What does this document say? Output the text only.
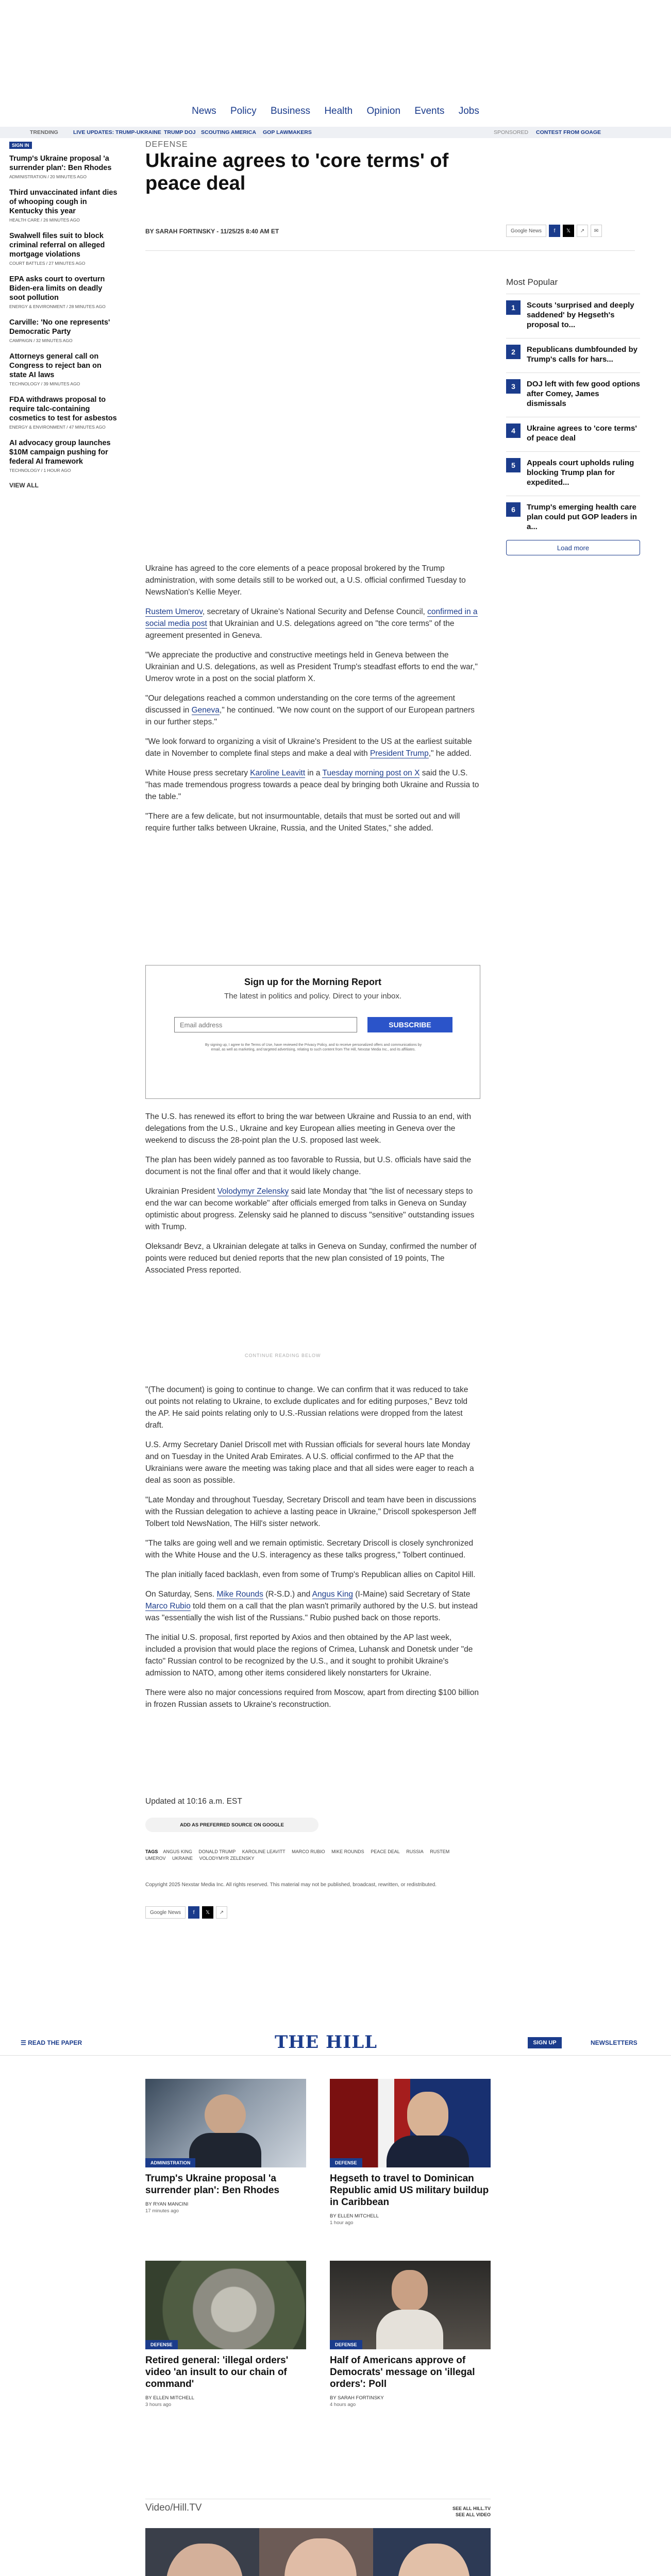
News Policy Business Health Opinion Events Jobs
TRENDING	LIVE UPDATES: TRUMP-UKRAINE TRUMP DOJ SCOUTING AMERICA GOP LAWMAKERS	SPONSORED CONTEST FROM GOAGE
SIGN IN
Trump's Ukraine proposal 'a surrender plan': Ben Rhodes
ADMINISTRATION / 20 MINUTES AGO
Third unvaccinated infant dies of whooping cough in Kentucky this year
HEALTH CARE / 26 MINUTES AGO
Swalwell files suit to block criminal referral on alleged mortgage violations
COURT BATTLES / 27 MINUTES AGO
EPA asks court to overturn Biden-era limits on deadly soot pollution
ENERGY & ENVIRONMENT / 28 MINUTES AGO
Carville: 'No one represents' Democratic Party
CAMPAIGN / 32 MINUTES AGO
Attorneys general call on Congress to reject ban on state AI laws
TECHNOLOGY / 39 MINUTES AGO
FDA withdraws proposal to require talc-containing cosmetics to test for asbestos
ENERGY & ENVIRONMENT / 47 MINUTES AGO
AI advocacy group launches $10M campaign pushing for federal AI framework
TECHNOLOGY / 1 HOUR AGO
VIEW ALL
DEFENSE
Ukraine agrees to 'core terms' of peace deal
BY SARAH FORTINSKY - 11/25/25 8:40 AM ET	Google News	f	𝕏	↗	✉
Most Popular
1	Scouts 'surprised and deeply saddened' by Hegseth's proposal to...
2	Republicans dumbfounded by Trump's calls for hars...
3	DOJ left with few good options after Comey, James dismissals
4	Ukraine agrees to 'core terms' of peace deal
5	Appeals court upholds ruling blocking Trump plan for expedited...
6	Trump's emerging health care plan could put GOP leaders in a...
Load more

Ukraine has agreed to the core elements of a peace proposal brokered by the Trump administration, with some details still to be worked out, a U.S. official confirmed Tuesday to NewsNation's Kellie Meyer.

Rustem Umerov, secretary of Ukraine's National Security and Defense Council, confirmed in a social media post that Ukrainian and U.S. delegations agreed on "the core terms" of the agreement presented in Geneva.

"We appreciate the productive and constructive meetings held in Geneva between the Ukrainian and U.S. delegations, as well as President Trump's steadfast efforts to end the war," Umerov wrote in a post on the social platform X.

"Our delegations reached a common understanding on the core terms of the agreement discussed in Geneva," he continued. "We now count on the support of our European partners in our further steps."

"We look forward to organizing a visit of Ukraine's President to the US at the earliest suitable date in November to complete final steps and make a deal with President Trump," he added.

White House press secretary Karoline Leavitt in a Tuesday morning post on X said the U.S. "has made tremendous progress towards a peace deal by bringing both Ukraine and Russia to the table."

"There are a few delicate, but not insurmountable, details that must be sorted out and will require further talks between Ukraine, Russia, and the United States," she added.

Sign up for the Morning Report
The latest in politics and policy. Direct to your inbox.
Email address
SUBSCRIBE
By signing up, I agree to the Terms of Use, have reviewed the Privacy Policy, and to receive personalized offers and communications by email, as well as marketing, and targeted advertising, relating to such content from The Hill, Nexstar Media Inc., and its affiliates.

The U.S. has renewed its effort to bring the war between Ukraine and Russia to an end, with delegations from the U.S., Ukraine and key European allies meeting in Geneva over the weekend to discuss the 28-point plan the U.S. proposed last week.

The plan has been widely panned as too favorable to Russia, but U.S. officials have said the document is not the final offer and that it would likely change.

Ukrainian President Volodymyr Zelensky said late Monday that "the list of necessary steps to end the war can become workable" after officials emerged from talks in Geneva on Sunday optimistic about progress. Zelensky said he planned to discuss "sensitive" outstanding issues with Trump.

Oleksandr Bevz, a Ukrainian delegate at talks in Geneva on Sunday, confirmed the number of points were reduced but denied reports that the new plan consisted of 19 points, The Associated Press reported.

CONTINUE READING BELOW

"(The document) is going to continue to change. We can confirm that it was reduced to take out points not relating to Ukraine, to exclude duplicates and for editing purposes," Bevz told the AP. He said points relating only to U.S.-Russian relations were dropped from the latest draft.

U.S. Army Secretary Daniel Driscoll met with Russian officials for several hours late Monday and on Tuesday in the United Arab Emirates. A U.S. official confirmed to the AP that the Ukrainians were aware the meeting was taking place and that all sides were eager to reach a deal as soon as possible.

"Late Monday and throughout Tuesday, Secretary Driscoll and team have been in discussions with the Russian delegation to achieve a lasting peace in Ukraine," Driscoll spokesperson Jeff Tolbert told NewsNation, The Hill's sister network.

"The talks are going well and we remain optimistic. Secretary Driscoll is closely synchronized with the White House and the U.S. interagency as these talks progress," Tolbert continued.

The plan initially faced backlash, even from some of Trump's Republican allies on Capitol Hill.

On Saturday, Sens. Mike Rounds (R-S.D.) and Angus King (I-Maine) said Secretary of State Marco Rubio told them on a call that the plan wasn't primarily authored by the U.S. but instead was "essentially the wish list of the Russians." Rubio pushed back on those reports.

The initial U.S. proposal, first reported by Axios and then obtained by the AP last week, included a provision that would place the regions of Crimea, Luhansk and Donetsk under "de facto" Russian control to be recognized by the U.S., and it sought to prohibit Ukraine's admission to NATO, among other items considered likely nonstarters for Ukraine.

There were also no major concessions required from Moscow, apart from directing $100 billion in frozen Russian assets to Ukraine's reconstruction.

Updated at 10:16 a.m. EST
ADD AS PREFERRED SOURCE ON GOOGLE
TAGS ANGUS KING DONALD TRUMP KAROLINE LEAVITT MARCO RUBIO MIKE ROUNDS PEACE DEAL RUSSIA RUSTEM UMEROV UKRAINE VOLODYMYR ZELENSKY
Copyright 2025 Nexstar Media Inc. All rights reserved. This material may not be published, broadcast, rewritten, or redistributed.
Google News	f	𝕏	↗
☰ READ THE PAPER	THE HILL	SIGN UP	NEWSLETTERS
ADMINISTRATION
Trump's Ukraine proposal 'a surrender plan': Ben Rhodes
BY RYAN MANCINI
17 minutes ago
DEFENSE
Hegseth to travel to Dominican Republic amid US military buildup in Caribbean
BY ELLEN MITCHELL
1 hour ago
DEFENSE
Retired general: 'illegal orders' video 'an insult to our chain of command'
BY ELLEN MITCHELL
3 hours ago
DEFENSE
Half of Americans approve of Democrats' message on 'illegal orders': Poll
BY SARAH FORTINSKY
4 hours ago
Video/Hill.TV	SEE ALL HILL.TV
SEE ALL VIDEO
